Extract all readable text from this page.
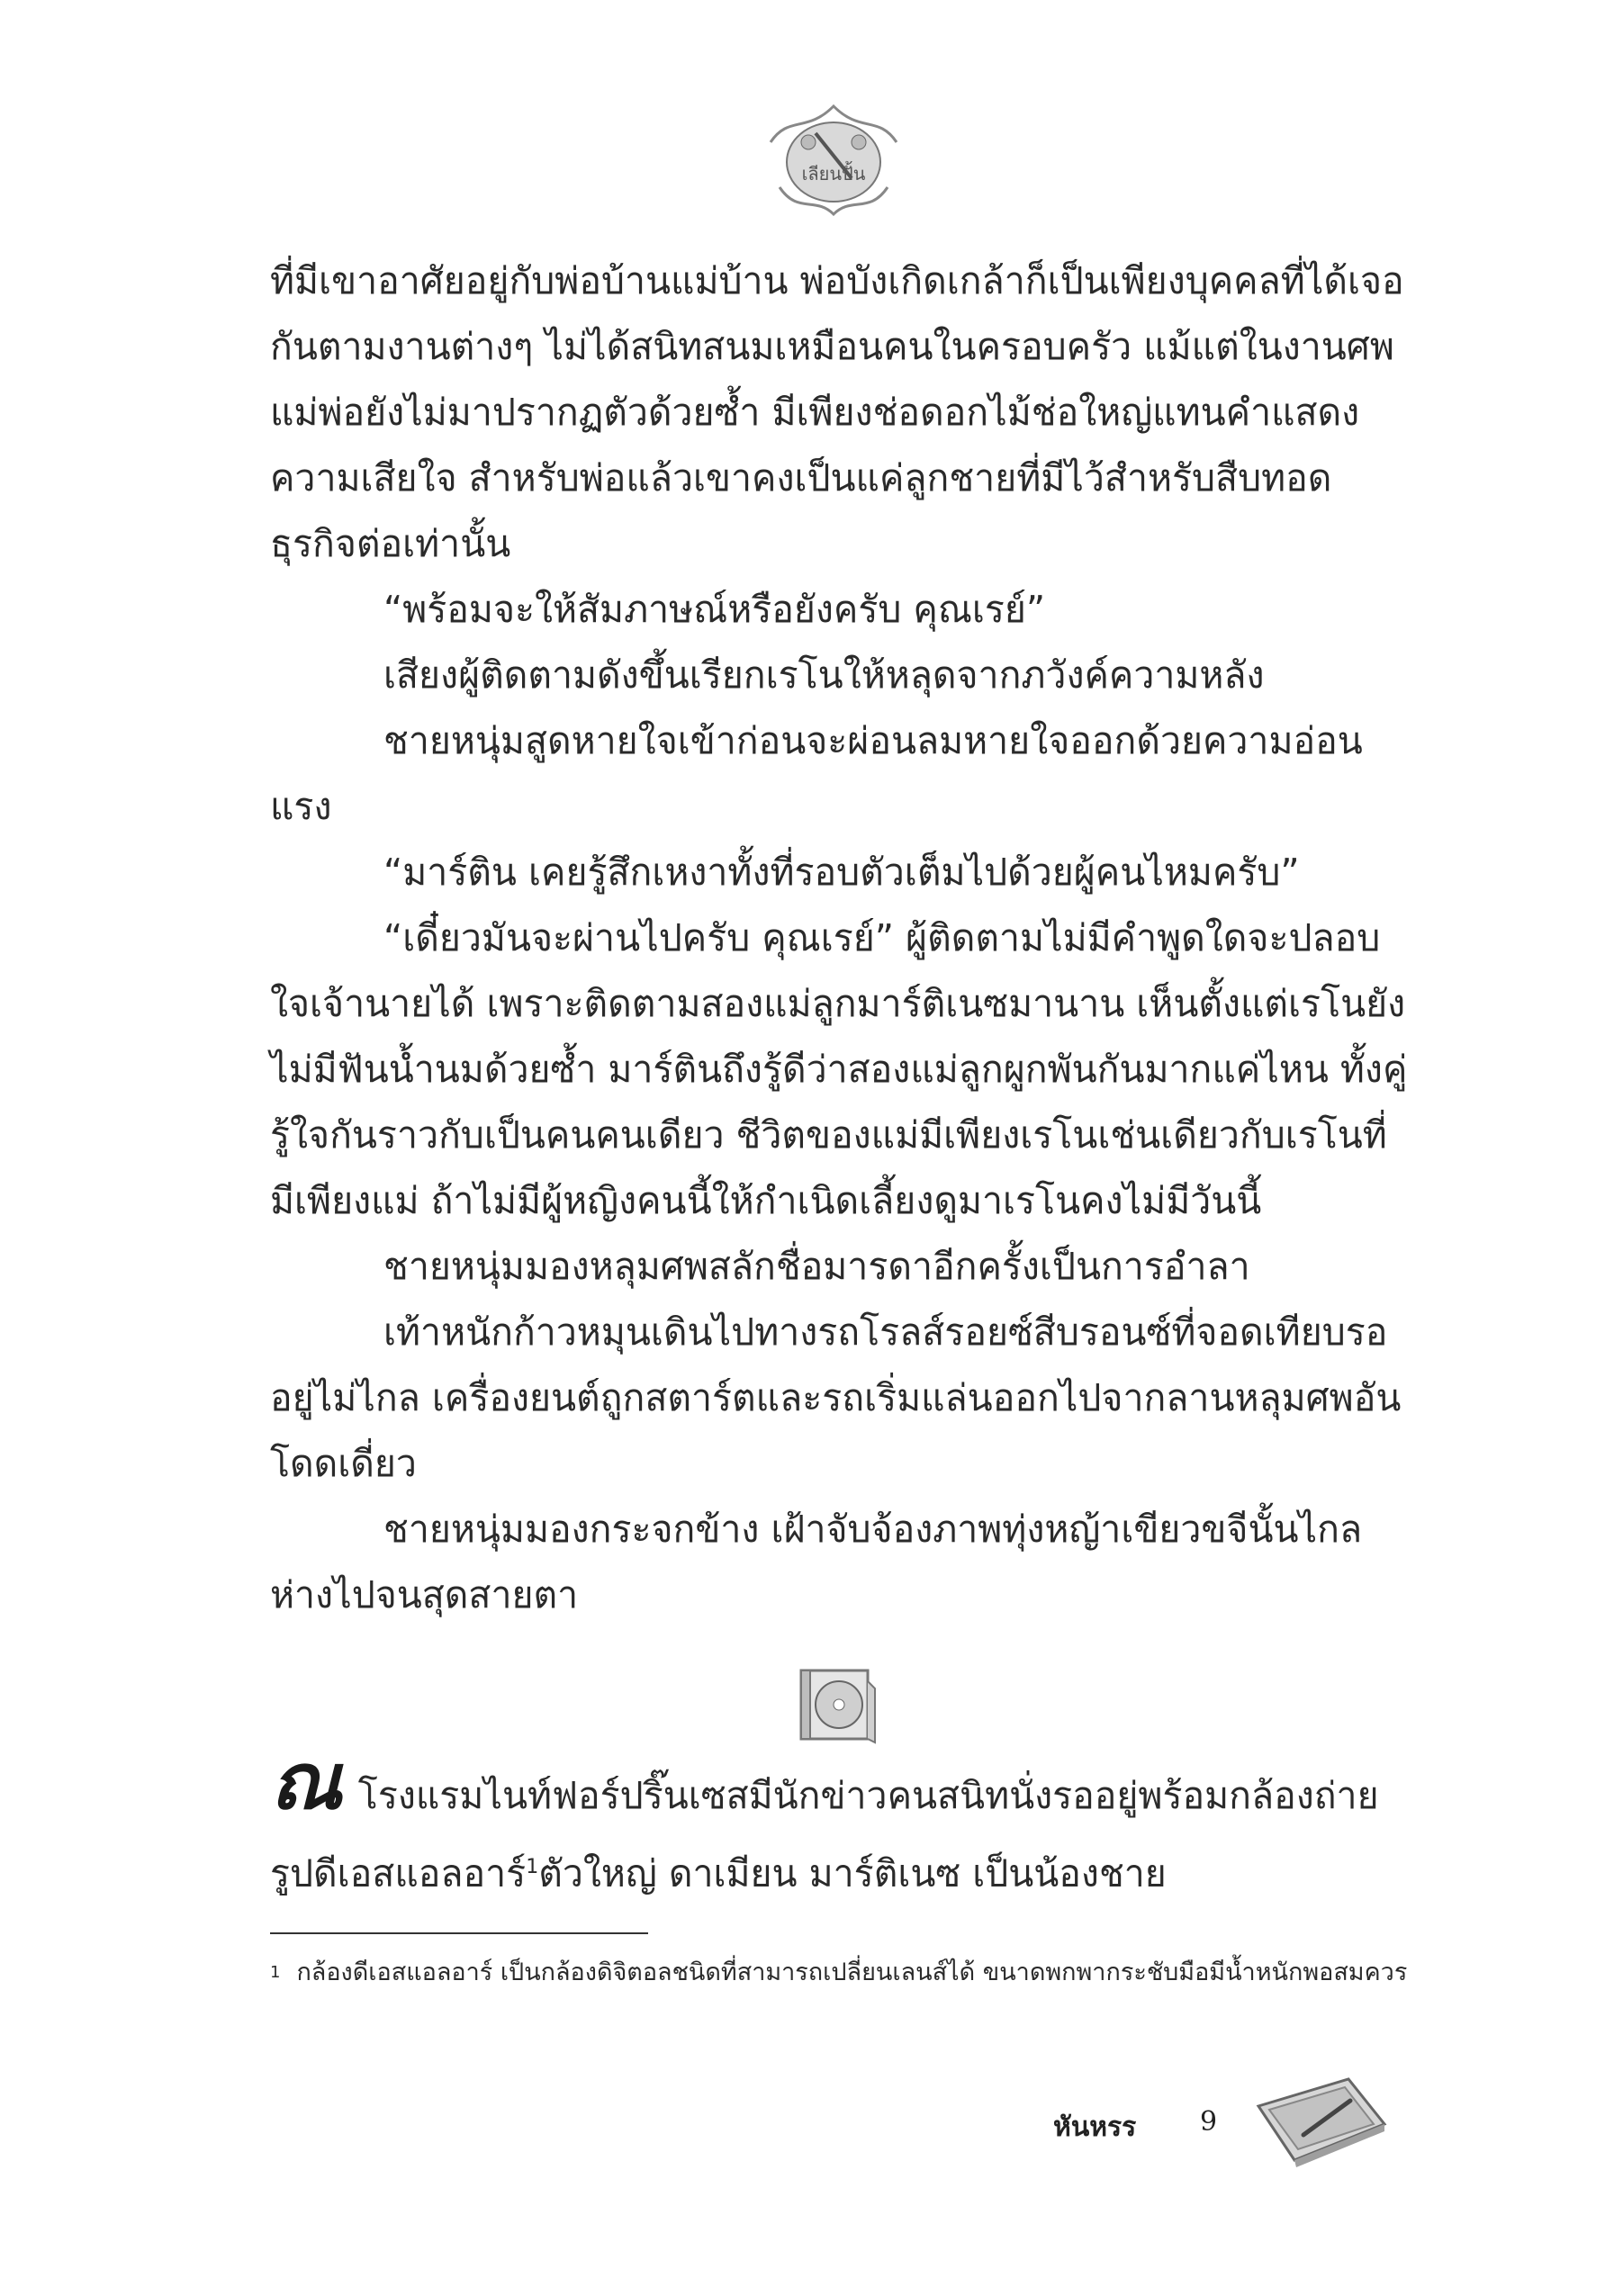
เลียนปั้น

ที่มีเขาอาศัยอยู่กับพ่อบ้านแม่บ้าน พ่อบังเกิดเกล้าก็เป็นเพียงบุคคลที่ได้เจอกันตามงานต่างๆ ไม่ได้สนิทสนมเหมือนคนในครอบครัว แม้แต่ในงานศพแม่พ่อยังไม่มาปรากฏตัวด้วยซ้ำ มีเพียงช่อดอกไม้ช่อใหญ่แทนคำแสดงความเสียใจ สำหรับพ่อแล้วเขาคงเป็นแค่ลูกชายที่มีไว้สำหรับสืบทอดธุรกิจต่อเท่านั้น

“พร้อมจะให้สัมภาษณ์หรือยังครับ คุณเรย์”

เสียงผู้ติดตามดังขึ้นเรียกเรโนให้หลุดจากภวังค์ความหลัง

ชายหนุ่มสูดหายใจเข้าก่อนจะผ่อนลมหายใจออกด้วยความอ่อนแรง

“มาร์ติน เคยรู้สึกเหงาทั้งที่รอบตัวเต็มไปด้วยผู้คนไหมครับ”

“เดี๋ยวมันจะผ่านไปครับ คุณเรย์” ผู้ติดตามไม่มีคำพูดใดจะปลอบใจเจ้านายได้ เพราะติดตามสองแม่ลูกมาร์ติเนซมานาน เห็นตั้งแต่เรโนยังไม่มีฟันน้ำนมด้วยซ้ำ มาร์ตินถึงรู้ดีว่าสองแม่ลูกผูกพันกันมากแค่ไหน ทั้งคู่รู้ใจกันราวกับเป็นคนคนเดียว ชีวิตของแม่มีเพียงเรโนเช่นเดียวกับเรโนที่มีเพียงแม่ ถ้าไม่มีผู้หญิงคนนี้ให้กำเนิดเลี้ยงดูมาเรโนคงไม่มีวันนี้

ชายหนุ่มมองหลุมศพสลักชื่อมารดาอีกครั้งเป็นการอำลา

เท้าหนักก้าวหมุนเดินไปทางรถโรลส์รอยซ์สีบรอนซ์ที่จอดเทียบรออยู่ไม่ไกล เครื่องยนต์ถูกสตาร์ตและรถเริ่มแล่นออกไปจากลานหลุมศพอันโดดเดี่ยว

ชายหนุ่มมองกระจกข้าง เฝ้าจับจ้องภาพทุ่งหญ้าเขียวขจีนั้นไกลห่างไปจนสุดสายตา

ณโรงแรมไนท์ฟอร์ปริ๊นเซสมีนักข่าวคนสนิทนั่งรออยู่พร้อมกล้องถ่ายรูปดีเอสแอลอาร์$^1$ตัวใหญ่ ดาเมียน มาร์ติเนซ เป็นน้องชาย

$^1$ กล้องดีเอสแอลอาร์ เป็นกล้องดิจิตอลชนิดที่สามารถเปลี่ยนเลนส์ได้ ขนาดพกพากระชับมือมีน้ำหนักพอสมควร

หันหรร 9
